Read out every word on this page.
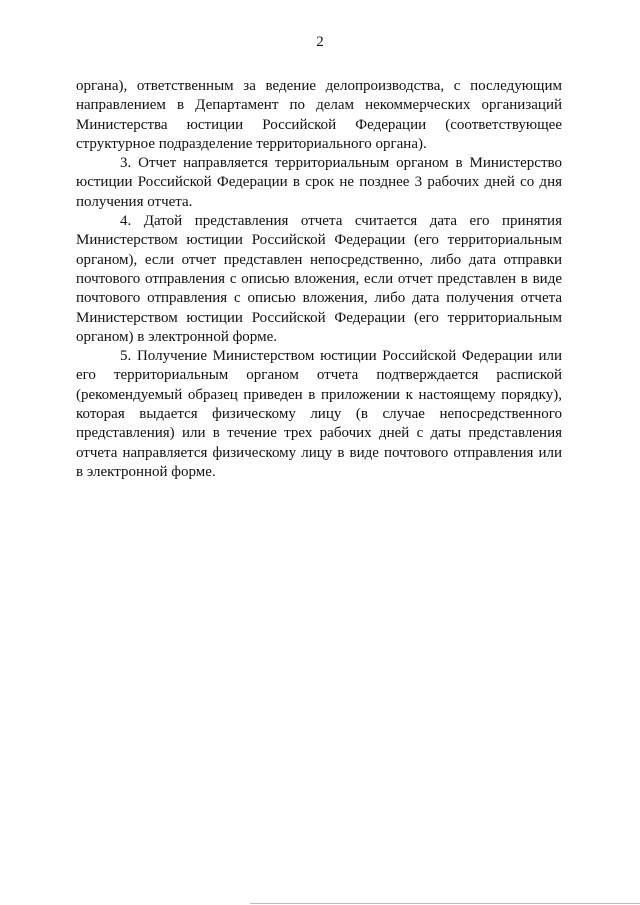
2

органа), ответственным за ведение делопроизводства, с последующим направлением в Департамент по делам некоммерческих организаций Министерства юстиции Российской Федерации (соответствующее структурное подразделение территориального органа).

3. Отчет направляется территориальным органом в Министерство юстиции Российской Федерации в срок не позднее 3 рабочих дней со дня получения отчета.

4. Датой представления отчета считается дата его принятия Министерством юстиции Российской Федерации (его территориальным органом), если отчет представлен непосредственно, либо дата отправки почтового отправления с описью вложения, если отчет представлен в виде почтового отправления с описью вложения, либо дата получения отчета Министерством юстиции Российской Федерации (его территориальным органом) в электронной форме.

5. Получение Министерством юстиции Российской Федерации или его территориальным органом отчета подтверждается распиской (рекомендуемый образец приведен в приложении к настоящему порядку), которая выдается физическому лицу (в случае непосредственного представления) или в течение трех рабочих дней с даты представления отчета направляется физическому лицу в виде почтового отправления или в электронной форме.
